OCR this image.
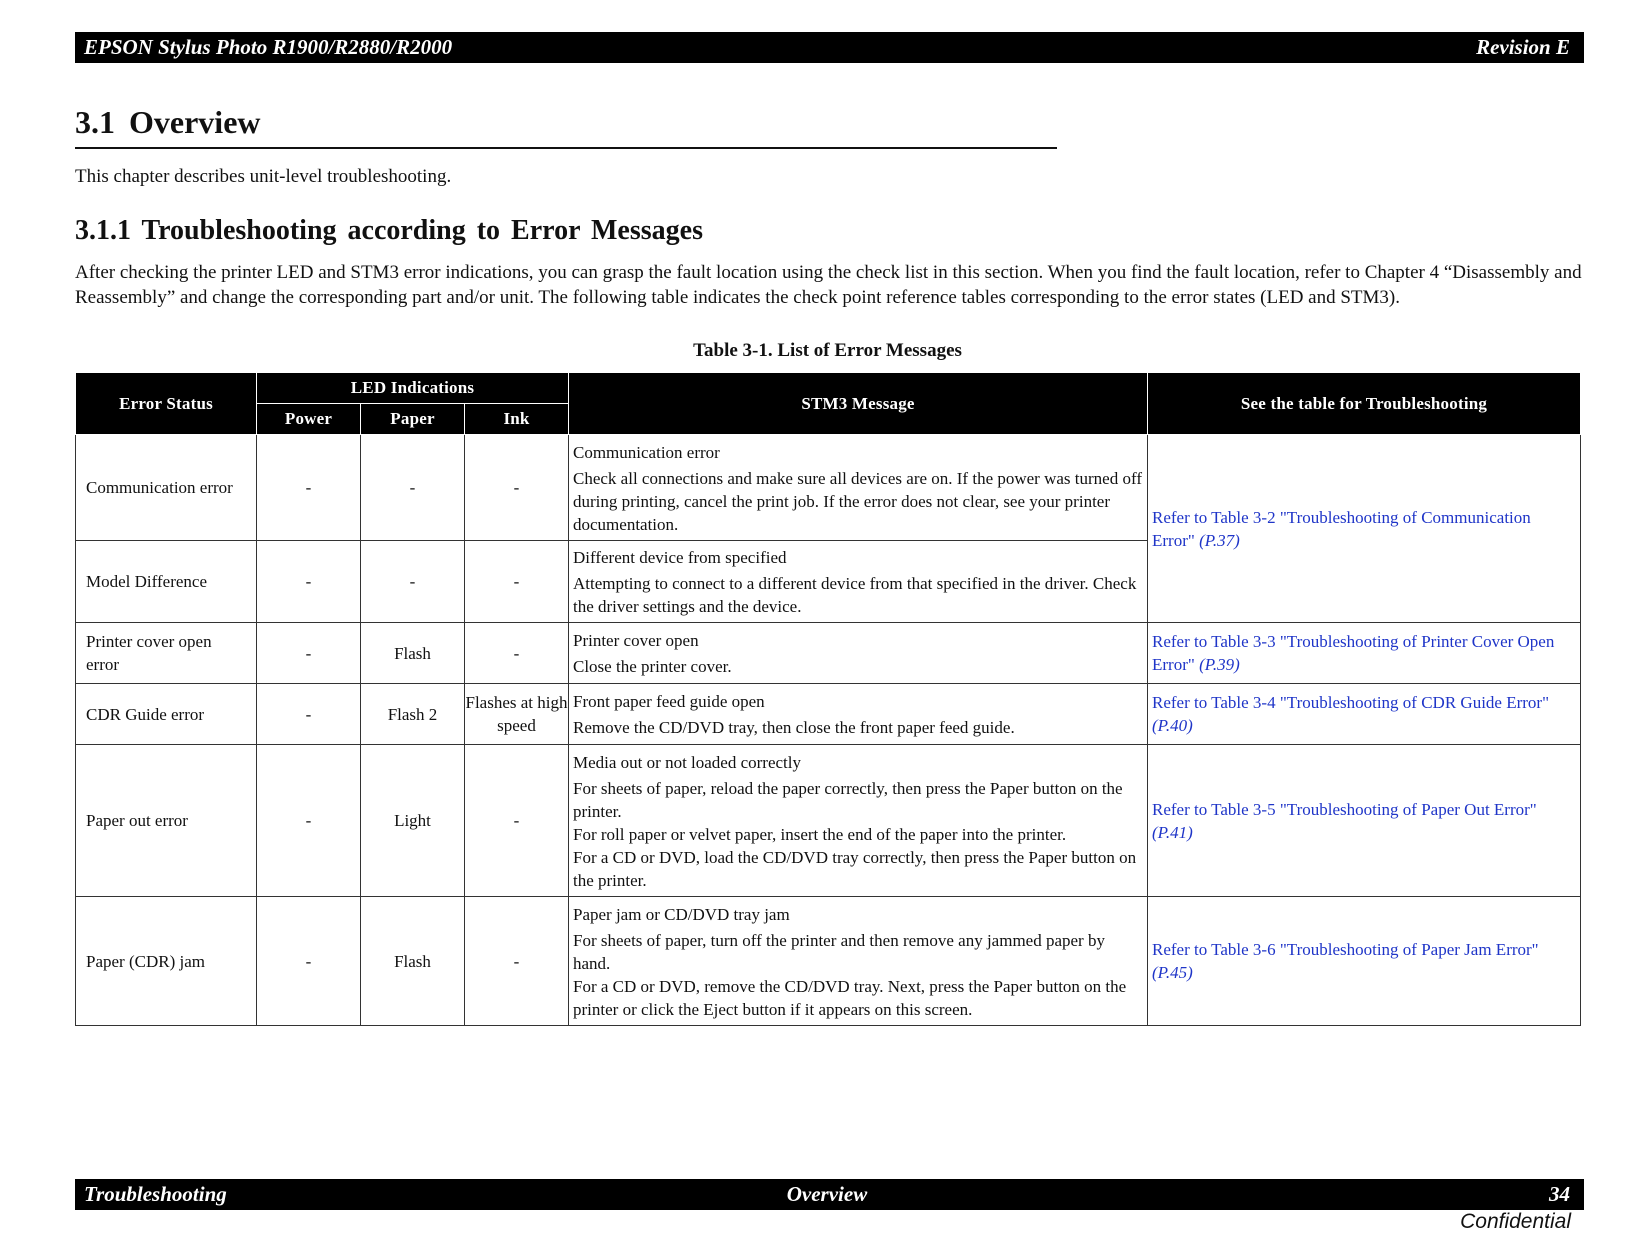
EPSON Stylus Photo R1900/R2880/R2000	Revision E
3.1 Overview
This chapter describes unit-level troubleshooting.
3.1.1 Troubleshooting according to Error Messages
After checking the printer LED and STM3 error indications, you can grasp the fault location using the check list in this section. When you find the fault location, refer to Chapter 4 “Disassembly and Reassembly” and change the corresponding part and/or unit. The following table indicates the check point reference tables corresponding to the error states (LED and STM3).
Table 3-1. List of Error Messages
Error Status	LED Indications			STM3 Message	See the table for Troubleshooting
	Power	Paper	Ink		
Communication error	-	-	-	Communication error
Check all connections and make sure all devices are on. If the power was turned off during printing, cancel the print job. If the error does not clear, see your printer documentation.	Refer to Table 3-2 "Troubleshooting of Communication Error" (P.37)
Model Difference	-	-	-	Different device from specified
Attempting to connect to a different device from that specified in the driver. Check the driver settings and the device.	

Printer cover open error	-	Flash	-	Printer cover open
Close the printer cover.	Refer to Table 3-3 "Troubleshooting of Printer Cover Open Error" (P.39)
CDR Guide error	-	Flash 2	Flashes at high speed	Front paper feed guide open
Remove the CD/DVD tray, then close the front paper feed guide.	Refer to Table 3-4 "Troubleshooting of CDR Guide Error" (P.40)
Paper out error	-	Light	-	Media out or not loaded correctly
For sheets of paper, reload the paper correctly, then press the Paper button on the printer.
For roll paper or velvet paper, insert the end of the paper into the printer.
For a CD or DVD, load the CD/DVD tray correctly, then press the Paper button on the printer.	Refer to Table 3-5 "Troubleshooting of Paper Out Error" (P.41)
Paper (CDR) jam	-	Flash	-	Paper jam or CD/DVD tray jam
For sheets of paper, turn off the printer and then remove any jammed paper by hand.
For a CD or DVD, remove the CD/DVD tray. Next, press the Paper button on the printer or click the Eject button if it appears on this screen.	Refer to Table 3-6 "Troubleshooting of Paper Jam Error" (P.45)
Troubleshooting	Overview	34
Confidential
